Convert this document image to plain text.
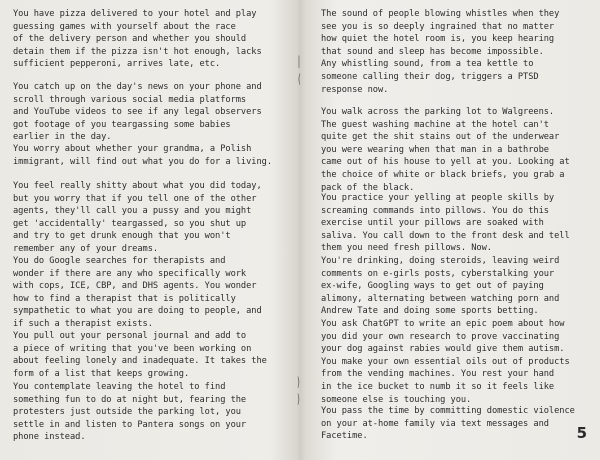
You have pizza delivered to your hotel and play
guessing games with yourself about the race
of the delivery person and whether you should
detain them if the pizza isn't hot enough, lacks
sufficient pepperoni, arrives late, etc.

You catch up on the day's news on your phone and
scroll through various social media platforms
and YouTube videos to see if any legal observers
got footage of you teargassing some babies
earlier in the day.

You worry about whether your grandma, a Polish
immigrant, will find out what you do for a living.

You feel really shitty about what you did today,
but you worry that if you tell one of the other
agents, they'll call you a pussy and you might
get 'accidentally' teargassed, so you shut up
and try to get drunk enough that you won't
remember any of your dreams.

You do Google searches for therapists and
wonder if there are any who specifically work
with cops, ICE, CBP, and DHS agents. You wonder
how to find a therapist that is politically
sympathetic to what you are doing to people, and
if such a therapist exists.

You pull out your personal journal and add to
a piece of writing that you've been working on
about feeling lonely and inadequate. It takes the
form of a list that keeps growing.

You contemplate leaving the hotel to find
something fun to do at night but, fearing the
protesters just outside the parking lot, you
settle in and listen to Pantera songs on your
phone instead.

|
(
)
)

The sound of people blowing whistles when they
see you is so deeply ingrained that no matter
how quiet the hotel room is, you keep hearing
that sound and sleep has become impossible.
Any whistling sound, from a tea kettle to
someone calling their dog, triggers a PTSD
response now.

You walk across the parking lot to Walgreens.
The guest washing machine at the hotel can't
quite get the shit stains out of the underwear
you were wearing when that man in a bathrobe
came out of his house to yell at you. Looking at
the choice of white or black briefs, you grab a
pack of the black.

You practice your yelling at people skills by
screaming commands into pillows. You do this
exercise until your pillows are soaked with
saliva. You call down to the front desk and tell
them you need fresh pillows. Now.

You're drinking, doing steroids, leaving weird
comments on e-girls posts, cyberstalking your
ex-wife, Googling ways to get out of paying
alimony, alternating between watching porn and
Andrew Tate and doing some sports betting.

You ask ChatGPT to write an epic poem about how
you did your own research to prove vaccinating
your dog against rabies would give them autism.
You make your own essential oils out of products
from the vending machines. You rest your hand
in the ice bucket to numb it so it feels like
someone else is touching you.

You pass the time by committing domestic violence
on your at-home family via text messages and
Facetime.	5
